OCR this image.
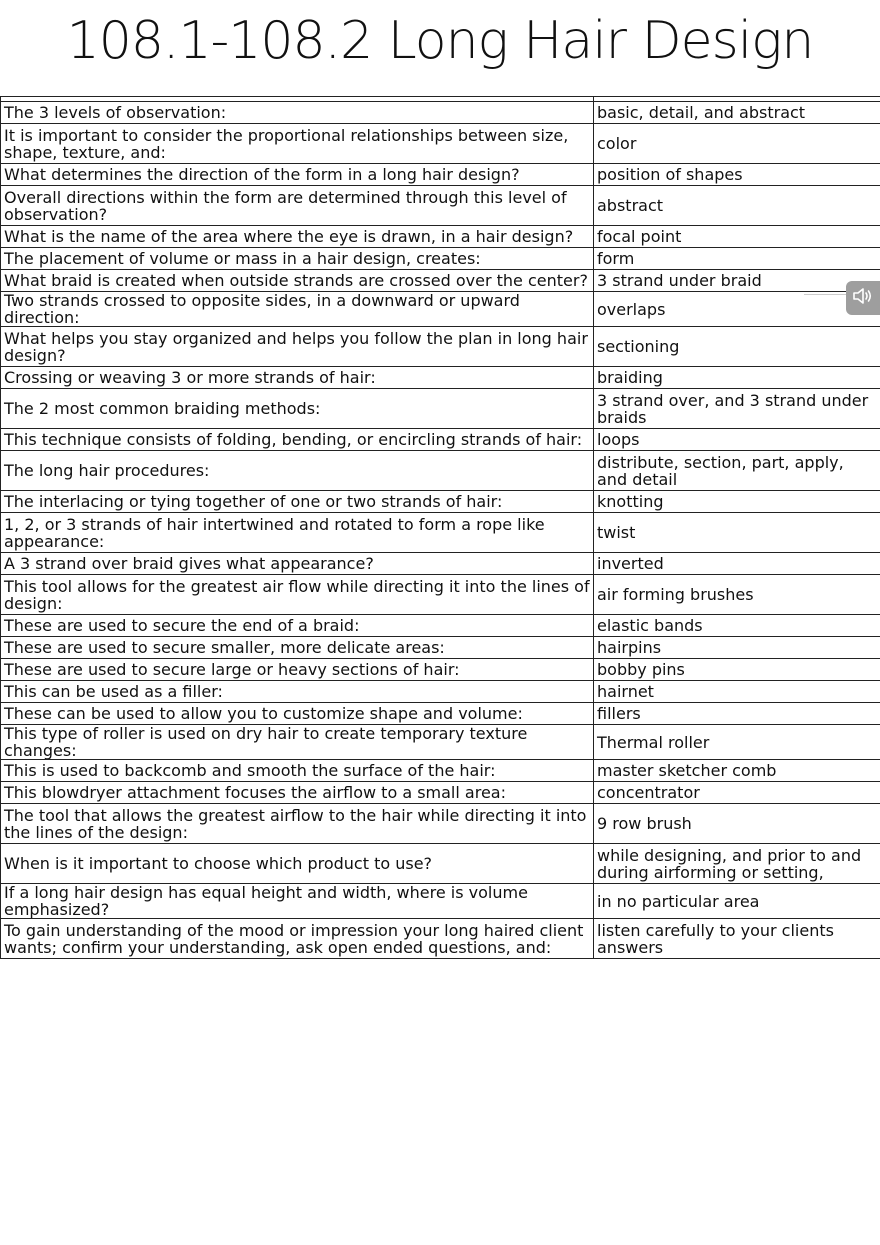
108.1-108.2 Long Hair Design

The 3 levels of observation:	basic, detail, and abstract
It is important to consider the proportional relationships between size, shape, texture, and:	color
What determines the direction of the form in a long hair design?	position of shapes
Overall directions within the form are determined through this level of observation?	abstract
What is the name of the area where the eye is drawn, in a hair design?	focal point
The placement of volume or mass in a hair design, creates:	form
What braid is created when outside strands are crossed over the center?	3 strand under braid
Two strands crossed to opposite sides, in a downward or upward direction:	overlaps
What helps you stay organized and helps you follow the plan in long hair design?	sectioning
Crossing or weaving 3 or more strands of hair:	braiding
The 2 most common braiding methods:	3 strand over, and 3 strand under braids
This technique consists of folding, bending, or encircling strands of hair:	loops
The long hair procedures:	distribute, section, part, apply, and detail
The interlacing or tying together of one or two strands of hair:	knotting
1, 2, or 3 strands of hair intertwined and rotated to form a rope like appearance:	twist
A 3 strand over braid gives what appearance?	inverted
This tool allows for the greatest air flow while directing it into the lines of design:	air forming brushes
These are used to secure the end of a braid:	elastic bands
These are used to secure smaller, more delicate areas:	hairpins
These are used to secure large or heavy sections of hair:	bobby pins
This can be used as a filler:	hairnet
These can be used to allow you to customize shape and volume:	fillers
This type of roller is used on dry hair to create temporary texture changes:	Thermal roller
This is used to backcomb and smooth the surface of the hair:	master sketcher comb
This blowdryer attachment focuses the airflow to a small area:	concentrator
The tool that allows the greatest airflow to the hair while directing it into the lines of the design:	9 row brush
When is it important to choose which product to use?	while designing, and prior to and during airforming or setting,
If a long hair design has equal height and width, where is volume emphasized?	in no particular area
To gain understanding of the mood or impression your long haired client wants; confirm your understanding, ask open ended questions, and:	listen carefully to your clients answers
